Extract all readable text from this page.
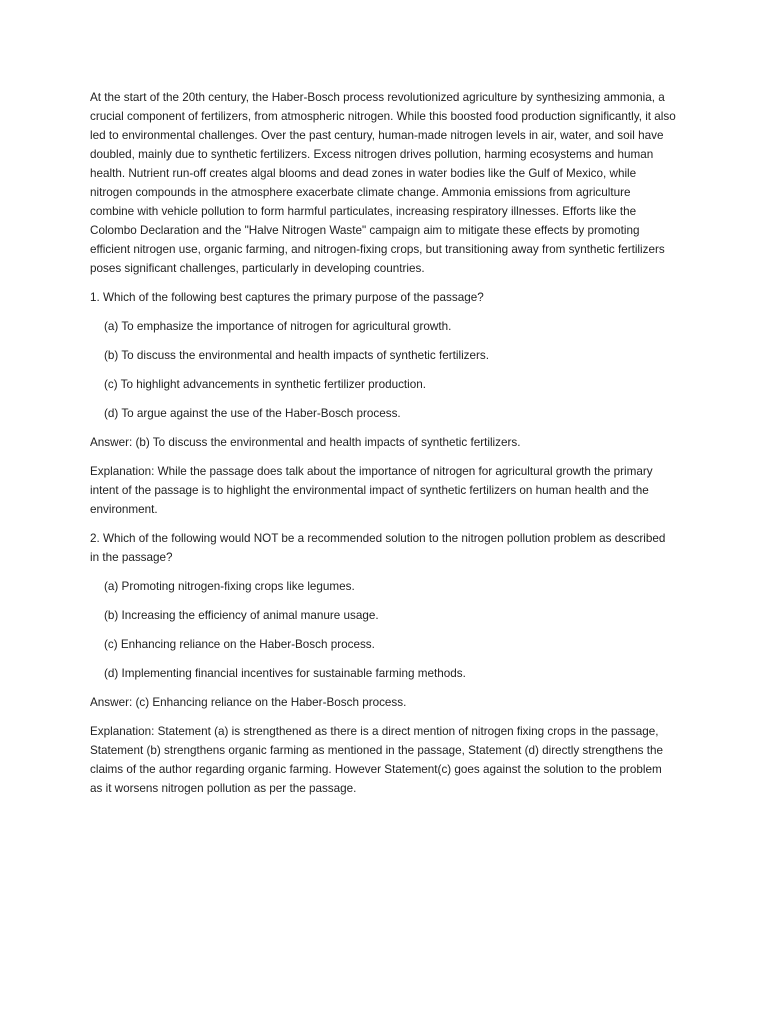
At the start of the 20th century, the Haber-Bosch process revolutionized agriculture by synthesizing ammonia, a crucial component of fertilizers, from atmospheric nitrogen. While this boosted food production significantly, it also led to environmental challenges. Over the past century, human-made nitrogen levels in air, water, and soil have doubled, mainly due to synthetic fertilizers. Excess nitrogen drives pollution, harming ecosystems and human health. Nutrient run-off creates algal blooms and dead zones in water bodies like the Gulf of Mexico, while nitrogen compounds in the atmosphere exacerbate climate change. Ammonia emissions from agriculture combine with vehicle pollution to form harmful particulates, increasing respiratory illnesses. Efforts like the Colombo Declaration and the "Halve Nitrogen Waste" campaign aim to mitigate these effects by promoting efficient nitrogen use, organic farming, and nitrogen-fixing crops, but transitioning away from synthetic fertilizers poses significant challenges, particularly in developing countries.

1. Which of the following best captures the primary purpose of the passage?

(a) To emphasize the importance of nitrogen for agricultural growth.

(b) To discuss the environmental and health impacts of synthetic fertilizers.

(c) To highlight advancements in synthetic fertilizer production.

(d) To argue against the use of the Haber-Bosch process.

Answer: (b) To discuss the environmental and health impacts of synthetic fertilizers.

Explanation: While the passage does talk about the importance of nitrogen for agricultural growth the primary intent of the passage is to highlight the environmental impact of synthetic fertilizers on human health and the environment.

2. Which of the following would NOT be a recommended solution to the nitrogen pollution problem as described in the passage?

(a) Promoting nitrogen-fixing crops like legumes.

(b) Increasing the efficiency of animal manure usage.

(c) Enhancing reliance on the Haber-Bosch process.

(d) Implementing financial incentives for sustainable farming methods.

Answer: (c) Enhancing reliance on the Haber-Bosch process.

Explanation: Statement (a) is strengthened as there is a direct mention of nitrogen fixing crops in the passage, Statement (b) strengthens organic farming as mentioned in the passage, Statement (d) directly strengthens the claims of the author regarding organic farming. However Statement(c) goes against the solution to the problem as it worsens nitrogen pollution as per the passage.
